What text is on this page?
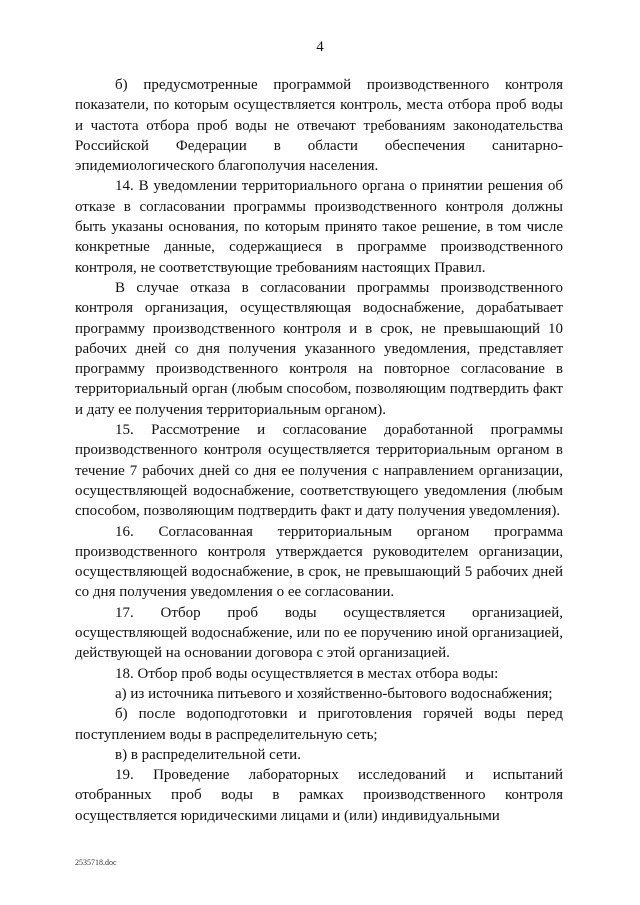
4

б) предусмотренные программой производственного контроля показатели, по которым осуществляется контроль, места отбора проб воды и частота отбора проб воды не отвечают требованиям законодательства Российской Федерации в области обеспечения санитарно-эпидемиологического благополучия населения.

14. В уведомлении территориального органа о принятии решения об отказе в согласовании программы производственного контроля должны быть указаны основания, по которым принято такое решение, в том числе конкретные данные, содержащиеся в программе производственного контроля, не соответствующие требованиям настоящих Правил.

В случае отказа в согласовании программы производственного контроля организация, осуществляющая водоснабжение, дорабатывает программу производственного контроля и в срок, не превышающий 10 рабочих дней со дня получения указанного уведомления, представляет программу производственного контроля на повторное согласование в территориальный орган (любым способом, позволяющим подтвердить факт и дату ее получения территориальным органом).

15. Рассмотрение и согласование доработанной программы производственного контроля осуществляется территориальным органом в течение 7 рабочих дней со дня ее получения с направлением организации, осуществляющей водоснабжение, соответствующего уведомления (любым способом, позволяющим подтвердить факт и дату получения уведомления).

16. Согласованная территориальным органом программа производственного контроля утверждается руководителем организации, осуществляющей водоснабжение, в срок, не превышающий 5 рабочих дней со дня получения уведомления о ее согласовании.

17. Отбор проб воды осуществляется организацией, осуществляющей водоснабжение, или по ее поручению иной организацией, действующей на основании договора с этой организацией.

18. Отбор проб воды осуществляется в местах отбора воды:

а) из источника питьевого и хозяйственно-бытового водоснабжения;

б) после водоподготовки и приготовления горячей воды перед поступлением воды в распределительную сеть;

в) в распределительной сети.

19. Проведение лабораторных исследований и испытаний отобранных проб воды в рамках производственного контроля осуществляется юридическими лицами и (или) индивидуальными

2535718.doc
